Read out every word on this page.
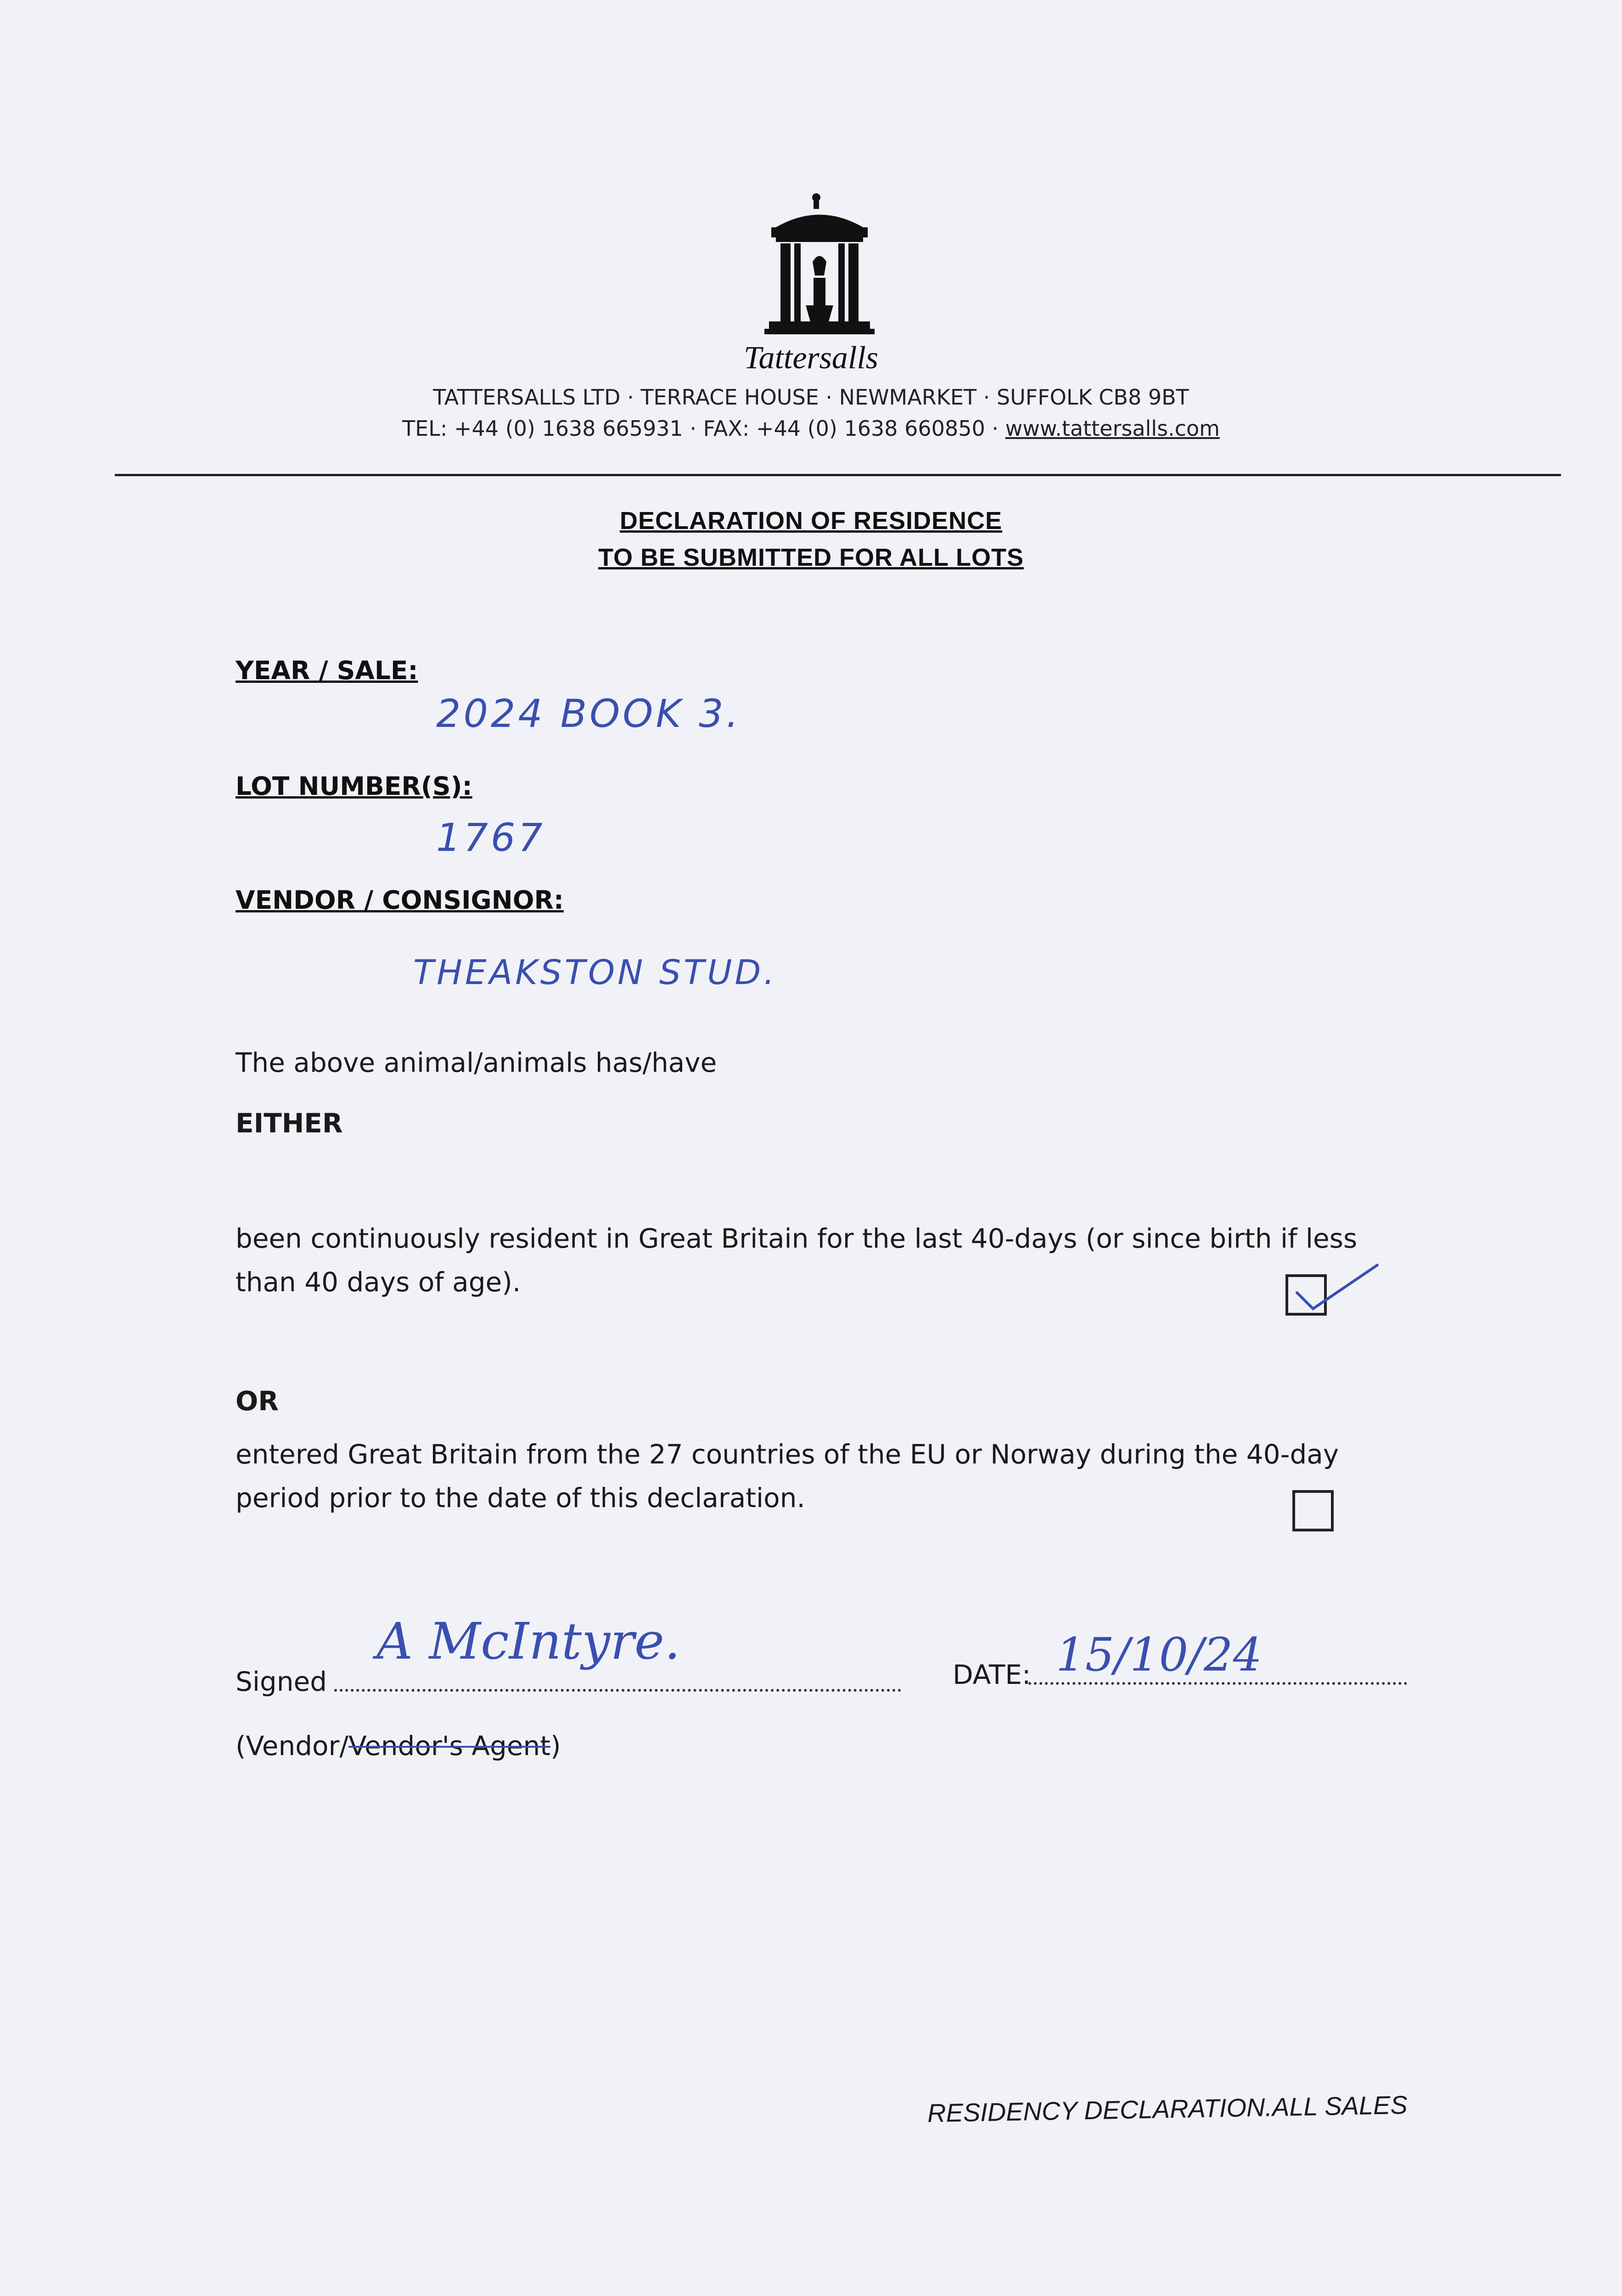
Tattersalls
TATTERSALLS LTD · TERRACE HOUSE · NEWMARKET · SUFFOLK CB8 9BT
TEL: +44 (0) 1638 665931 · FAX: +44 (0) 1638 660850 · www.tattersalls.com
DECLARATION OF RESIDENCE
TO BE SUBMITTED FOR ALL LOTS
YEAR / SALE:
2024 BOOK 3.
LOT NUMBER(S):
1767
VENDOR / CONSIGNOR:
THEAKSTON STUD.
The above animal/animals has/have
EITHER
been continuously resident in Great Britain for the last 40-days (or since birth if less than 40 days of age).
OR
entered Great Britain from the 27 countries of the EU or Norway during the 40-day period prior to the date of this declaration.
Signed
A McIntyre.
DATE: 15/10/24
(Vendor/Vendor's Agent)
RESIDENCY DECLARATION.ALL SALES
